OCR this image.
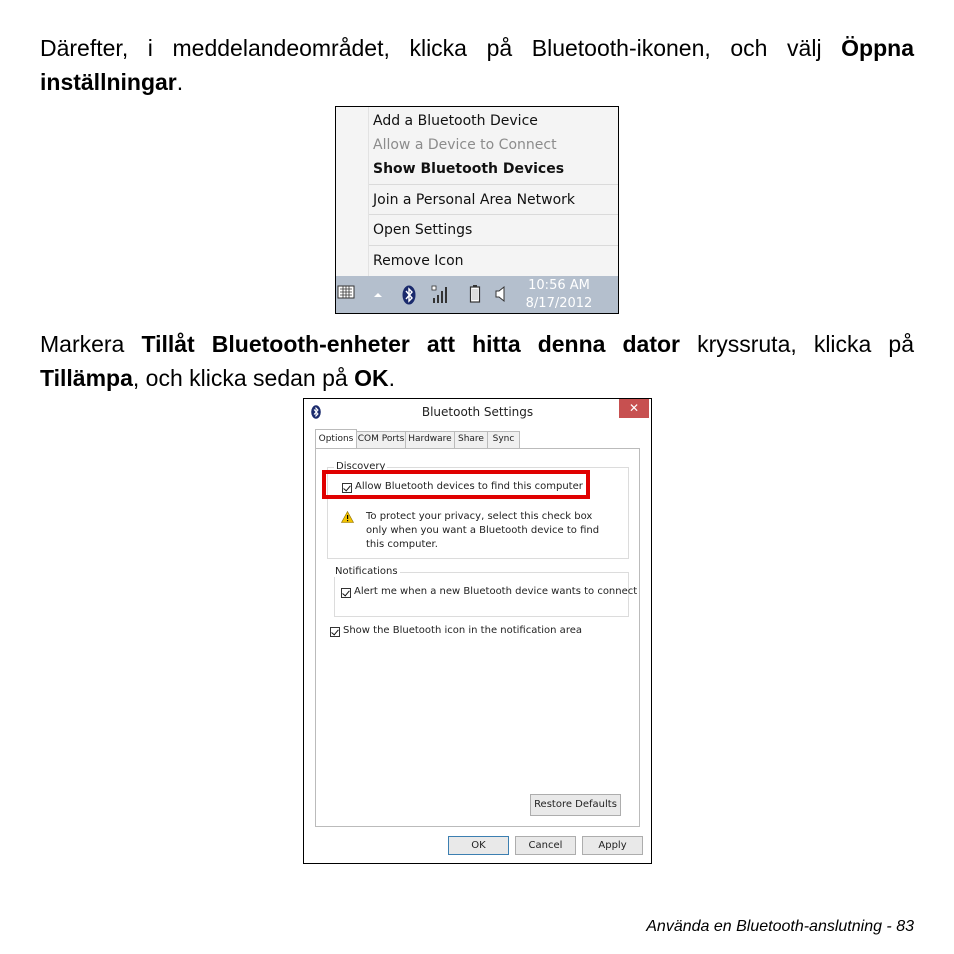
Därefter, i meddelandeområdet, klicka på Bluetooth-ikonen, och välj Öppna inställningar.

Add a Bluetooth Device
Allow a Device to Connect
Show Bluetooth Devices
Join a Personal Area Network
Open Settings
Remove Icon
10:56 AM
8/17/2012

Markera Tillåt Bluetooth-enheter att hitta denna dator kryssruta, klicka på Tillämpa, och klicka sedan på OK.

Bluetooth Settings	✕
Options COM Ports Hardware Share Sync
Discovery
Allow Bluetooth devices to find this computer
To protect your privacy, select this check box only when you want a Bluetooth device to find this computer.
Notifications
Alert me when a new Bluetooth device wants to connect
Show the Bluetooth icon in the notification area
Restore Defaults
OK	Cancel	Apply
Använda en Bluetooth-anslutning - 83
